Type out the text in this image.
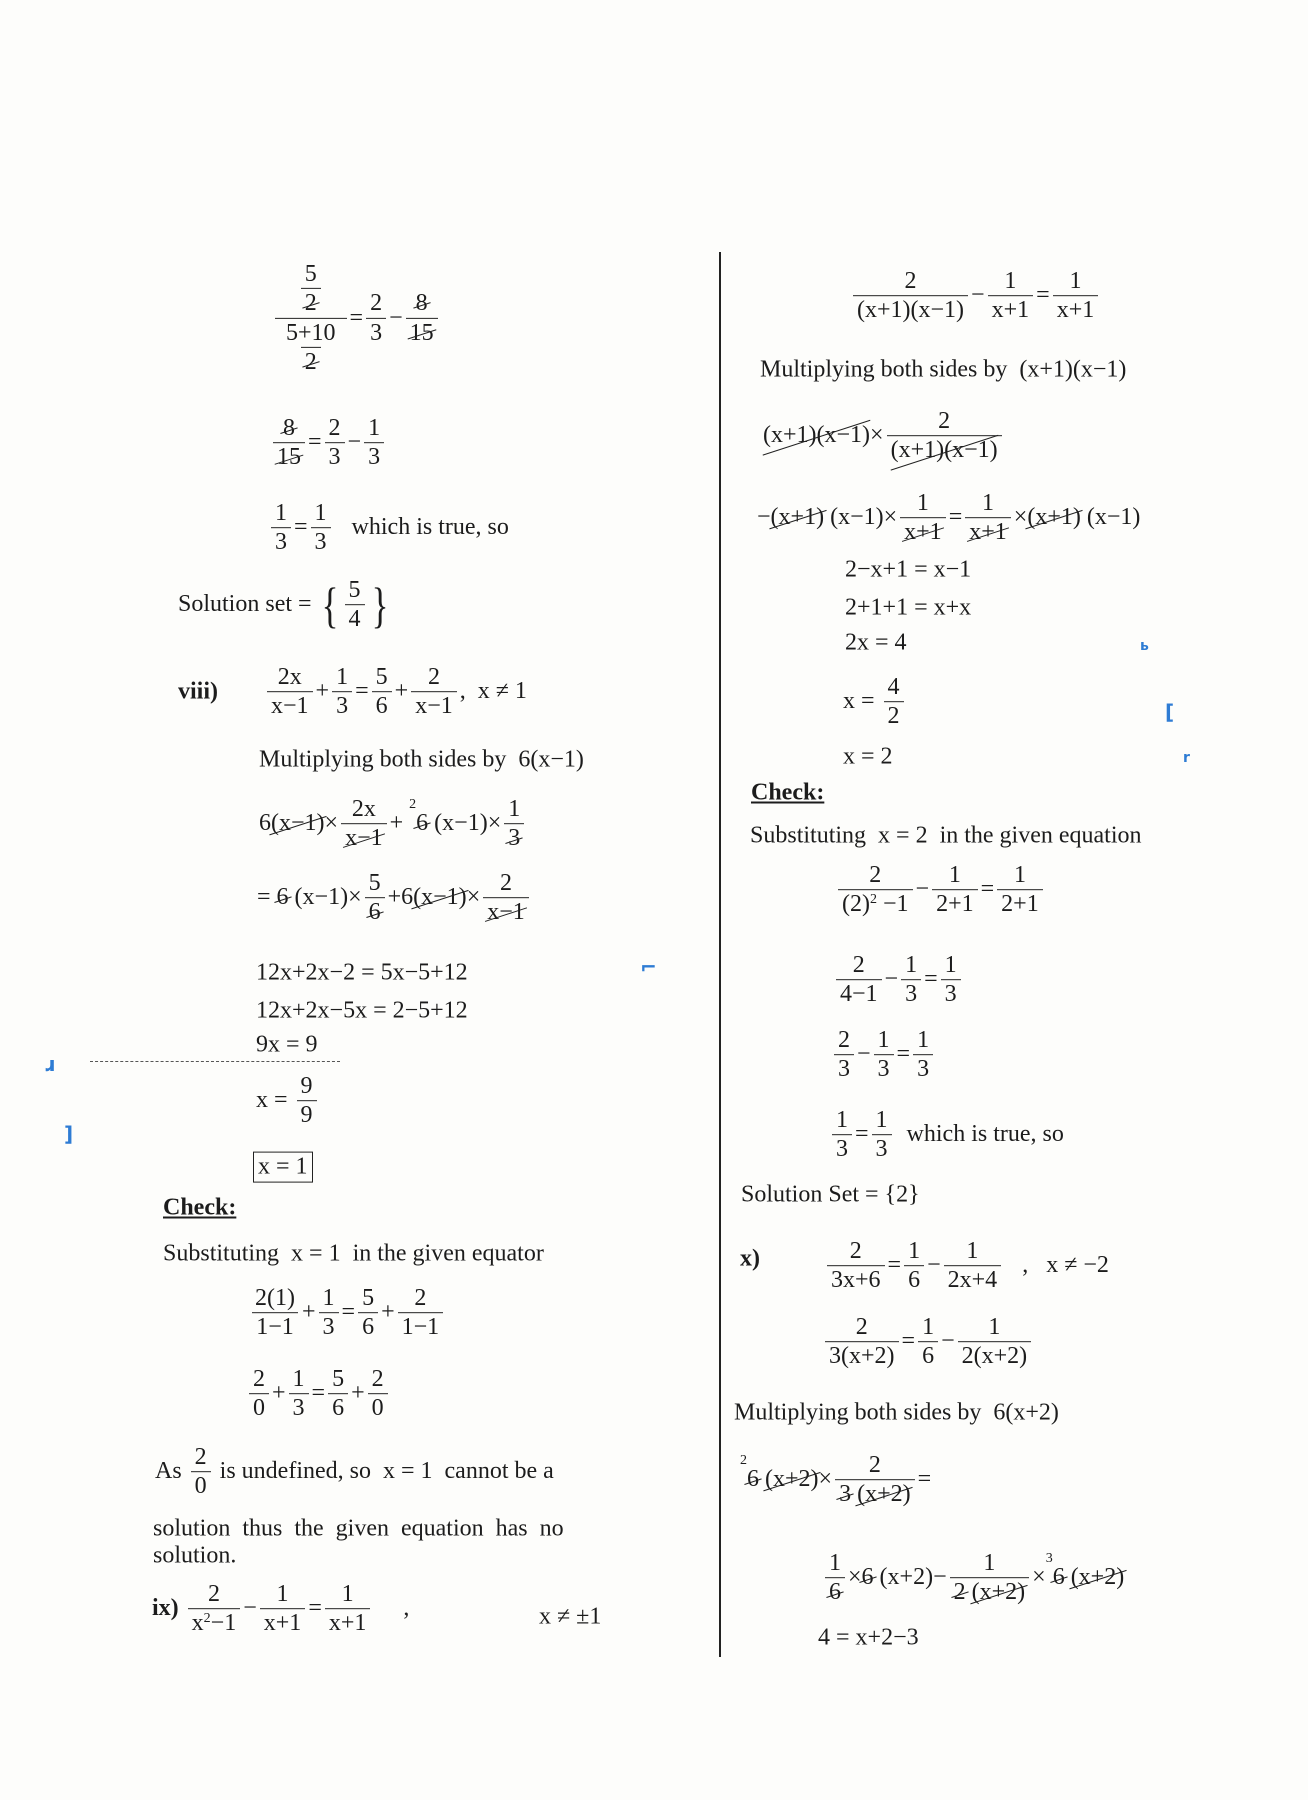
ɹ
]
⌐
ь
[
r
$\frac{\frac{5}{2}}{\frac{5+10}{2}} = \frac{2}{3} - \frac{8}{15}$
$\frac{8}{15} = \frac{2}{3} - \frac{1}{3}$
$\frac{1}{3} = \frac{1}{3}$ which is true, so
Solution set = { $\frac{5}{4}$ }
viii) $\frac{2x}{x-1} + \frac{1}{3} = \frac{5}{6} + \frac{2}{x-1}$ ,  x ≠ 1
Multiplying both sides by  6(x−1)
6 $(x-1) \times \frac{2x}{x-1}$ +
2
6 $(x-1)\times \frac{1}{3}$
= 6 $(x-1)\times \frac{5}{6} +6$ $(x-1) \times \frac{2}{x-1}$
12x+2x−2 = 5x−5+12
12x+2x−5x = 2−5+12
9x = 9
$x = \frac{9}{9}$
x = 1
Check:
Substituting  x = 1  in the given equator
$\frac{2(1)}{1-1} + \frac{1}{3} = \frac{5}{6} + \frac{2}{1-1}$
$\frac{2}{0} + \frac{1}{3} = \frac{5}{6} + \frac{2}{0}$
As $\frac{2}{0}$ is undefined, so  x = 1  cannot be a
solution  thus  the  given  equation  has  no
solution.
ix)
$\frac{2}{x 2 -1} - \frac{1}{x+1} = \frac{1}{x+1}$ ,	x ≠ ±1
$\frac{2}{(x+1)(x-1)} - \frac{1}{x+1} = \frac{1}{x+1}$
Multiplying both sides by  (x+1)(x−1)
$(x+1)(x-1) \times \frac{2}{(x+1)(x-1)}$
− (x+1) $(x-1)\times \frac{1}{x+1} = \frac{1}{x+1} \times (x+1)$ (x−1)
2−x+1 = x−1
2+1+1 = x+x
2x = 4
$x = \frac{4}{2}$
x = 2
Check:
Substituting  x = 2  in the given equation
$\frac{2}{(2) 2 -1} - \frac{1}{2+1} = \frac{1}{2+1}$
$\frac{2}{4-1} - \frac{1}{3} = \frac{1}{3}$
$\frac{2}{3} - \frac{1}{3} = \frac{1}{3}$
$\frac{1}{3} = \frac{1}{3}$ which is true, so
Solution Set = {2}
x)	$\frac{2}{3x+6} = \frac{1}{6} - \frac{1}{2x+4}$ ,   x ≠ −2
$\frac{2}{3(x+2)} = \frac{1}{6} - \frac{1}{2(x+2)}$
Multiplying both sides by  6(x+2)
2
6
(x+2) × 2
3
(x+2) =
$\frac{1}{6} \times 6$ (x+2)− 1
2
(x+2) ×
3
6
(x+2)
4 = x+2−3
